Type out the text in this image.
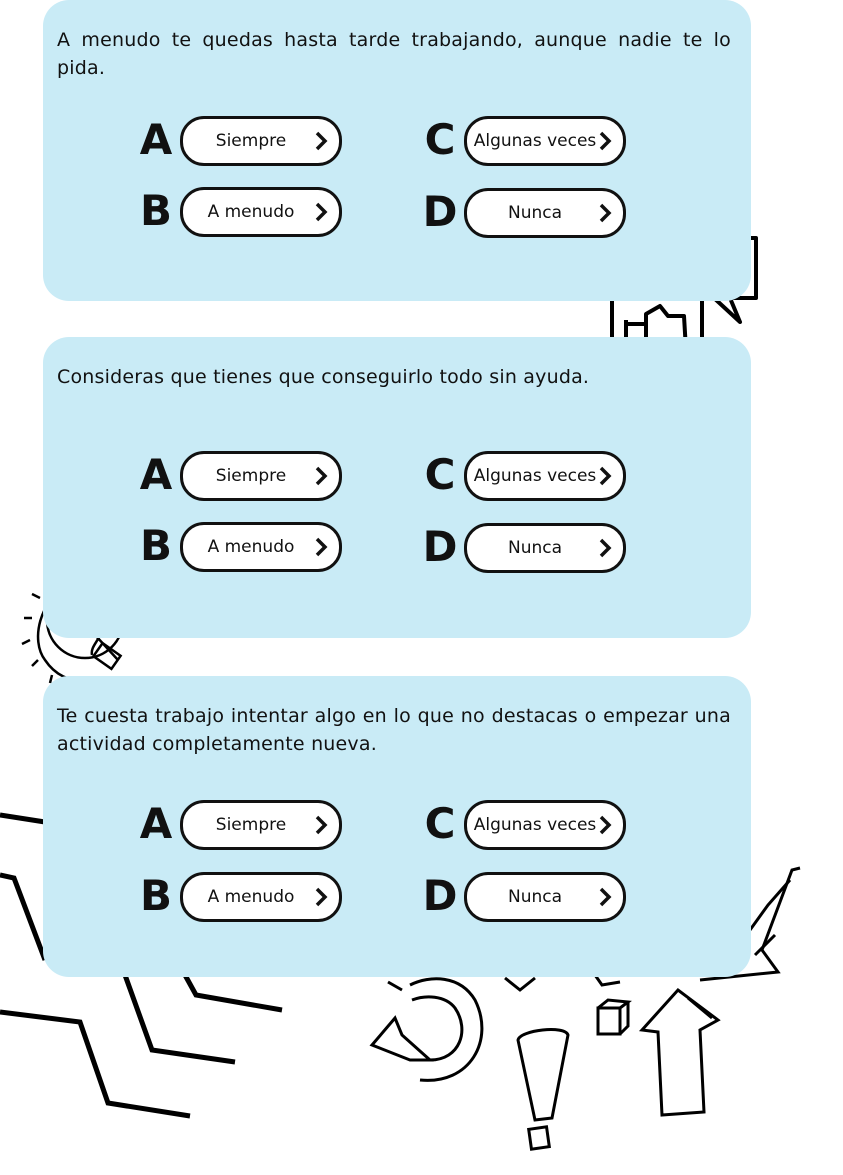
A menudo te quedas hasta tarde trabajando, aunque nadie te lo pida.

A	Siempre
B	A menudo
C	Algunas veces
D	Nunca

Consideras que tienes que conseguirlo todo sin ayuda.

A	Siempre
B	A menudo
C	Algunas veces
D	Nunca

Te cuesta trabajo intentar algo en lo que no destacas o empezar una actividad completamente nueva.

A	Siempre
B	A menudo
C	Algunas veces
D	Nunca
